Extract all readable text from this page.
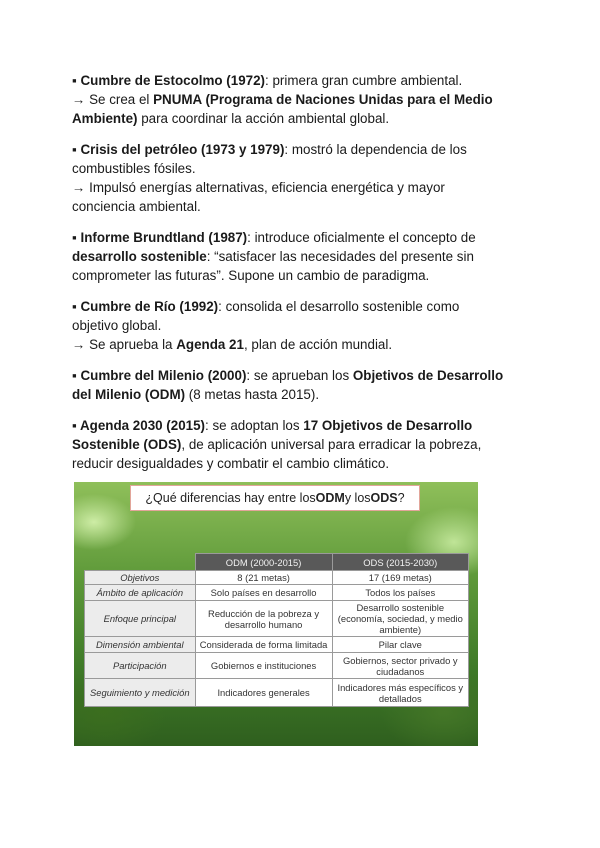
▪ Cumbre de Estocolmo (1972): primera gran cumbre ambiental.
→ Se crea el PNUMA (Programa de Naciones Unidas para el Medio
Ambiente) para coordinar la acción ambiental global.

▪ Crisis del petróleo (1973 y 1979): mostró la dependencia de los
combustibles fósiles.
→ Impulsó energías alternativas, eficiencia energética y mayor
conciencia ambiental.

▪ Informe Brundtland (1987): introduce oficialmente el concepto de
desarrollo sostenible: “satisfacer las necesidades del presente sin
comprometer las futuras”. Supone un cambio de paradigma.

▪ Cumbre de Río (1992): consolida el desarrollo sostenible como
objetivo global.
→ Se aprueba la Agenda 21, plan de acción mundial.

▪ Cumbre del Milenio (2000): se aprueban los Objetivos de Desarrollo
del Milenio (ODM) (8 metas hasta 2015).

▪ Agenda 2030 (2015): se adoptan los 17 Objetivos de Desarrollo
Sostenible (ODS), de aplicación universal para erradicar la pobreza,
reducir desigualdades y combatir el cambio climático.

¿Qué diferencias hay entre los ODM y los ODS ?
	ODM (2000-2015)	ODS (2015-2030)
Objetivos	8 (21 metas)	17 (169 metas)
Ámbito de aplicación	Solo países en desarrollo	Todos los países
Enfoque principal	Reducción de la pobreza y desarrollo humano	Desarrollo sostenible (economía, sociedad, y medio ambiente)
Dimensión ambiental	Considerada de forma limitada	Pilar clave
Participación	Gobiernos e instituciones	Gobiernos, sector privado y ciudadanos
Seguimiento y medición	Indicadores generales	Indicadores más específicos y detallados
